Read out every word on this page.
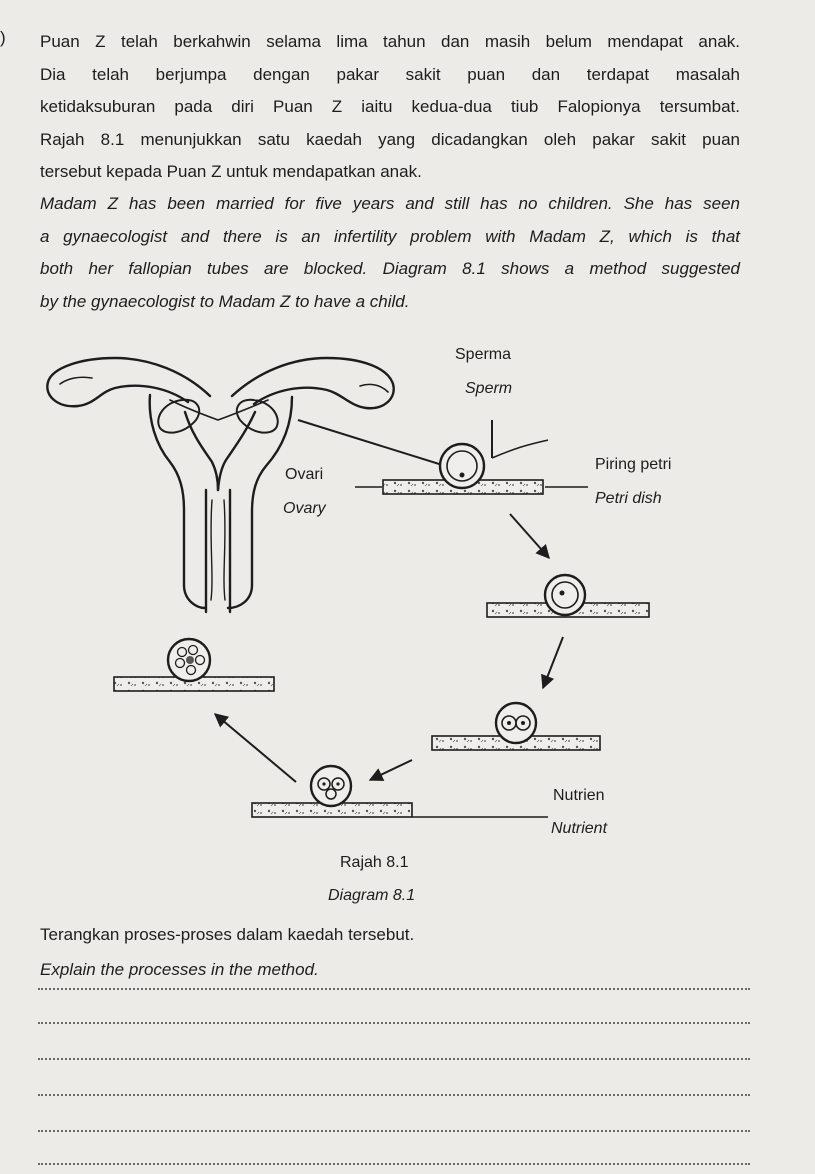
) Puan Z telah berkahwin selama lima tahun dan masih belum mendapat anak.
Dia telah berjumpa dengan pakar sakit puan dan terdapat masalah
ketidaksuburan pada diri Puan Z iaitu kedua-dua tiub Falopionya tersumbat.
Rajah 8.1 menunjukkan satu kaedah yang dicadangkan oleh pakar sakit puan
tersebut kepada Puan Z untuk mendapatkan anak.
Madam Z has been married for five years and still has no children. She has seen
a gynaecologist and there is an infertility problem with Madam Z, which is that
both her fallopian tubes are blocked. Diagram 8.1 shows a method suggested
by the gynaecologist to Madam Z to have a child.
Sperma
Sperm
Ovari
Ovary
Piring petri
Petri dish
Nutrien
Nutrient
Rajah 8.1
Diagram 8.1
Terangkan proses-proses dalam kaedah tersebut.
Explain the processes in the method.
